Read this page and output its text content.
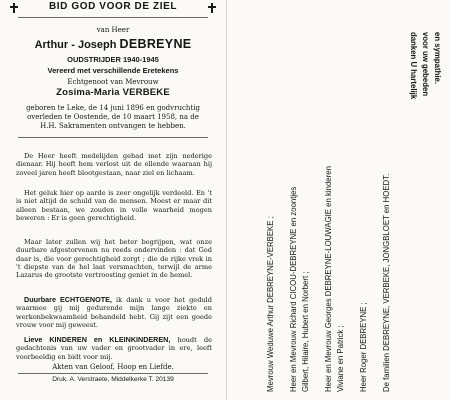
BID GOD VOOR DE ZIEL
van Heer
Arthur - Joseph DEBREYNE
OUDSTRIJDER 1940-1945
Vereerd met verschillende Eretekens
Echtgenoot van Mevrouw
Zosima-Maria VERBEKE
geboren te Leke, de 14 juni 1896 en godvruchtig
overleden te Oostende, de 10 maart 1958, na de
H.H. Sakramenten ontvangen te hebben.
De Heer heeft medelijden gehad met zijn nederige dienaar. Hij heeft hem verlost uit de ellende waaraan hij zoveel jaren heeft blootgestaan, naar ziel en lichaam.
Het geluk hier op aarde is zeer ongelijk verdeeld. En 't is niet altijd de schuld van de mensen. Moest er maar dit alleen bestaan, we zouden in volle waarheid mogen beweren : Er is geen gerechtigheid.
Maar later zullen wij het beter begrijpen, wat onze duurbare afgestorvenen nu reeds ondervinden : dat God daar is, die voor gerechtigheid zorgt ; die de rijke vrek in 't diepste van de hel laat versmachten, terwijl de arme Lazarus de grootste vertroosting geniet in de hemel.
Duurbare ECHTGENOTE, ik dank u voor het geduld waarmee gij mij gedurende mijn lange ziekte en werkonbekwaamheid behandeld hebt. Gij zijt een goede vrouw voor mij geweest.
Lieve KINDEREN en KLEINKINDEREN, houdt de gedachtenis van uw vader en grootvader in ere, leeft voorbeeldig en bidt voor mij.
Akten van Geloof, Hoop en Liefde.
Druk. A. Verstraete, Middelkerke T. 20139	Mevrouw Weduwe Arthur DEBREYNE-VERBEKE ; Heer en Mevrouw Richard CICOU-DEBREYNE en zoontjes Gilbert, Hilaire, Hubert en Norbert ; Heer en Mevrouw Georges DEBREYNE-LOUWAGIE en kinderen Viviane en Patrick ; Heer Roger DEBREYNE ; De familien DEBREYNE, VERBEKE, JONGBLOET en HOEDT.
danken U hartelijk voor uw gebeden en sympathie.
